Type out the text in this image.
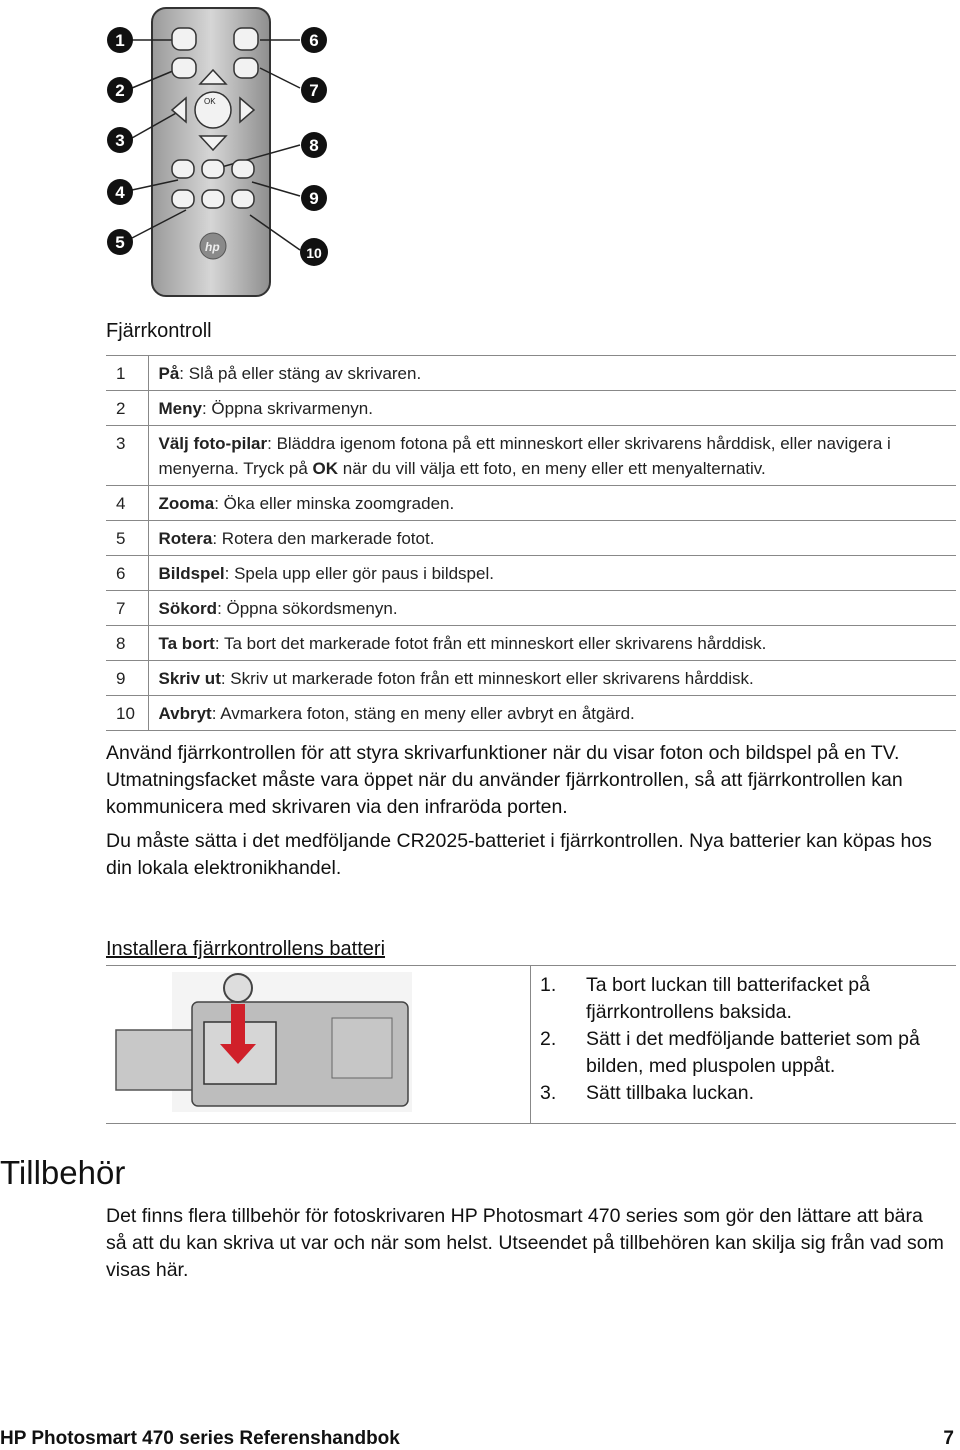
OK
hp
1
2
3
4
5
6
7
8
9
10
Fjärrkontroll
1	På: Slå på eller stäng av skrivaren.
2	Meny: Öppna skrivarmenyn.
3	Välj foto-pilar: Bläddra igenom fotona på ett minneskort eller skrivarens hårddisk, eller navigera i menyerna. Tryck på OK när du vill välja ett foto, en meny eller ett menyalternativ.
4	Zooma: Öka eller minska zoomgraden.
5	Rotera: Rotera den markerade fotot.
6	Bildspel: Spela upp eller gör paus i bildspel.
7	Sökord: Öppna sökordsmenyn.
8	Ta bort: Ta bort det markerade fotot från ett minneskort eller skrivarens hårddisk.
9	Skriv ut: Skriv ut markerade foton från ett minneskort eller skrivarens hårddisk.
10	Avbryt: Avmarkera foton, stäng en meny eller avbryt en åtgärd.
Använd fjärrkontrollen för att styra skrivarfunktioner när du visar foton och bildspel på en TV. Utmatningsfacket måste vara öppet när du använder fjärrkontrollen, så att fjärrkontrollen kan kommunicera med skrivaren via den infraröda porten.
Du måste sätta i det medföljande CR2025-batteriet i fjärrkontrollen. Nya batterier kan köpas hos din lokala elektronikhandel.
Installera fjärrkontrollens batteri
1.	Ta bort luckan till batterifacket på fjärrkontrollens baksida.
2.	Sätt i det medföljande batteriet som på bilden, med pluspolen uppåt.
3.	Sätt tillbaka luckan.
Tillbehör
Det finns flera tillbehör för fotoskrivaren HP Photosmart 470 series som gör den lättare att bära så att du kan skriva ut var och när som helst. Utseendet på tillbehören kan skilja sig från vad som visas här.
HP Photosmart 470 series Referenshandbok	7
